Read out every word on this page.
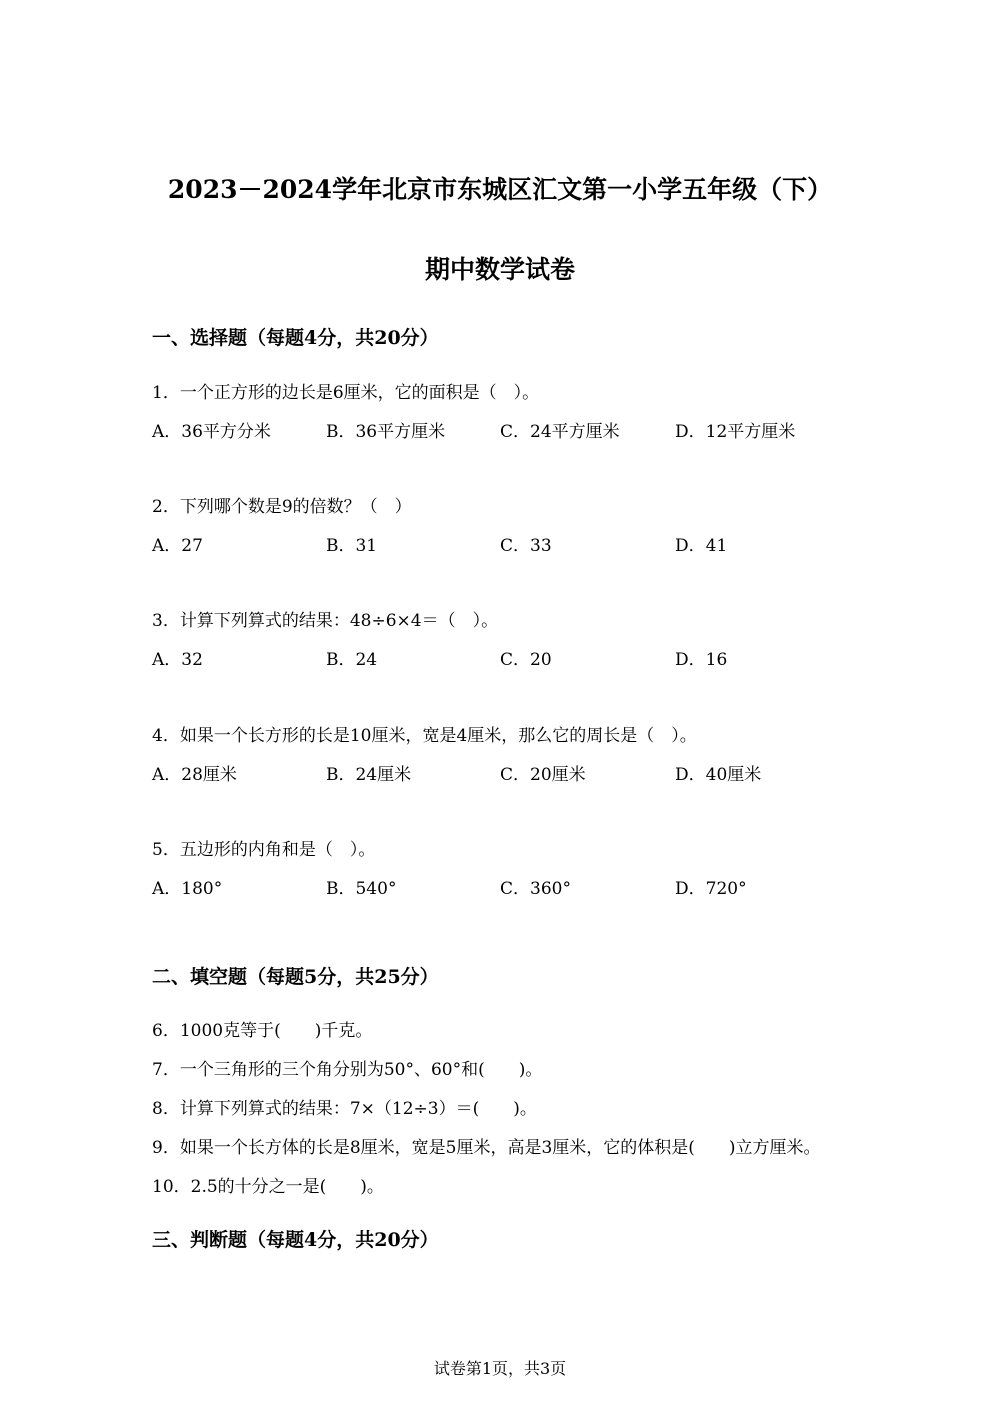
2023－2024学年北京市东城区汇文第一小学五年级（下）
期中数学试卷
一、选择题（每题4分，共20分）
1．一个正方形的边长是6厘米，它的面积是（　）。
A．36平方分米	B．36平方厘米	C．24平方厘米	D．12平方厘米
2．下列哪个数是9的倍数？（　）
A．27	B．31	C．33	D．41
3．计算下列算式的结果：48÷6×4＝（　）。
A．32	B．24	C．20	D．16
4．如果一个长方形的长是10厘米，宽是4厘米，那么它的周长是（　）。
A．28厘米	B．24厘米	C．20厘米	D．40厘米
5．五边形的内角和是（　）。
A．180°	B．540°	C．360°	D．720°
二、填空题（每题5分，共25分）
6．1000克等于(　　)千克。
7．一个三角形的三个角分别为50°、60°和(　　)。
8．计算下列算式的结果：7×（12÷3）＝(　　)。
9．如果一个长方体的长是8厘米，宽是5厘米，高是3厘米，它的体积是(　　)立方厘米。
10．2.5的十分之一是(　　)。
三、判断题（每题4分，共20分）
试卷第1页，共3页
